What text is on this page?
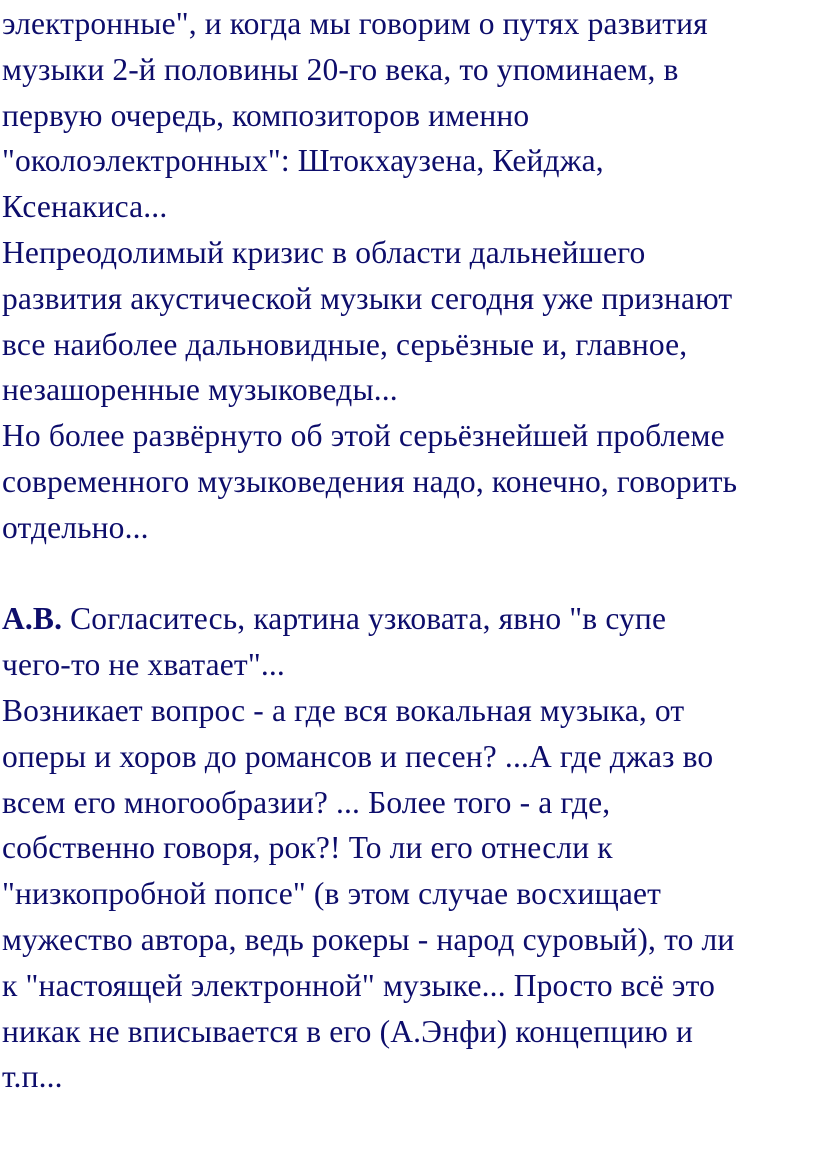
электронные", и когда мы говорим о путях развития
музыки 2-й половины 20-го века, то упоминаем, в
первую очередь, композиторов именно
"околоэлектронных": Штокхаузена, Кейджа,
Ксенакиса...
Непреодолимый кризис в области дальнейшего
развития акустической музыки сегодня уже признают
все наиболее дальновидные, серьёзные и, главное,
незашоренные музыковеды...
Но более развёрнуто об этой серьёзнейшей проблеме
современного музыковедения надо, конечно, говорить
отдельно...
А.В. Согласитесь, картина узковата, явно "в супе
чего-то не хватает"...
Возникает вопрос - а где вся вокальная музыка, от
оперы и хоров до романсов и песен? ...А где джаз во
всем его многообразии? ... Более того - а где,
собственно говоря, рок?! То ли его отнесли к
"низкопробной попсе" (в этом случае восхищает
мужество автора, ведь рокеры - народ суровый), то ли
к "настоящей электронной" музыке... Просто всё это
никак не вписывается в его (А.Энфи) концепцию и
т.п...
